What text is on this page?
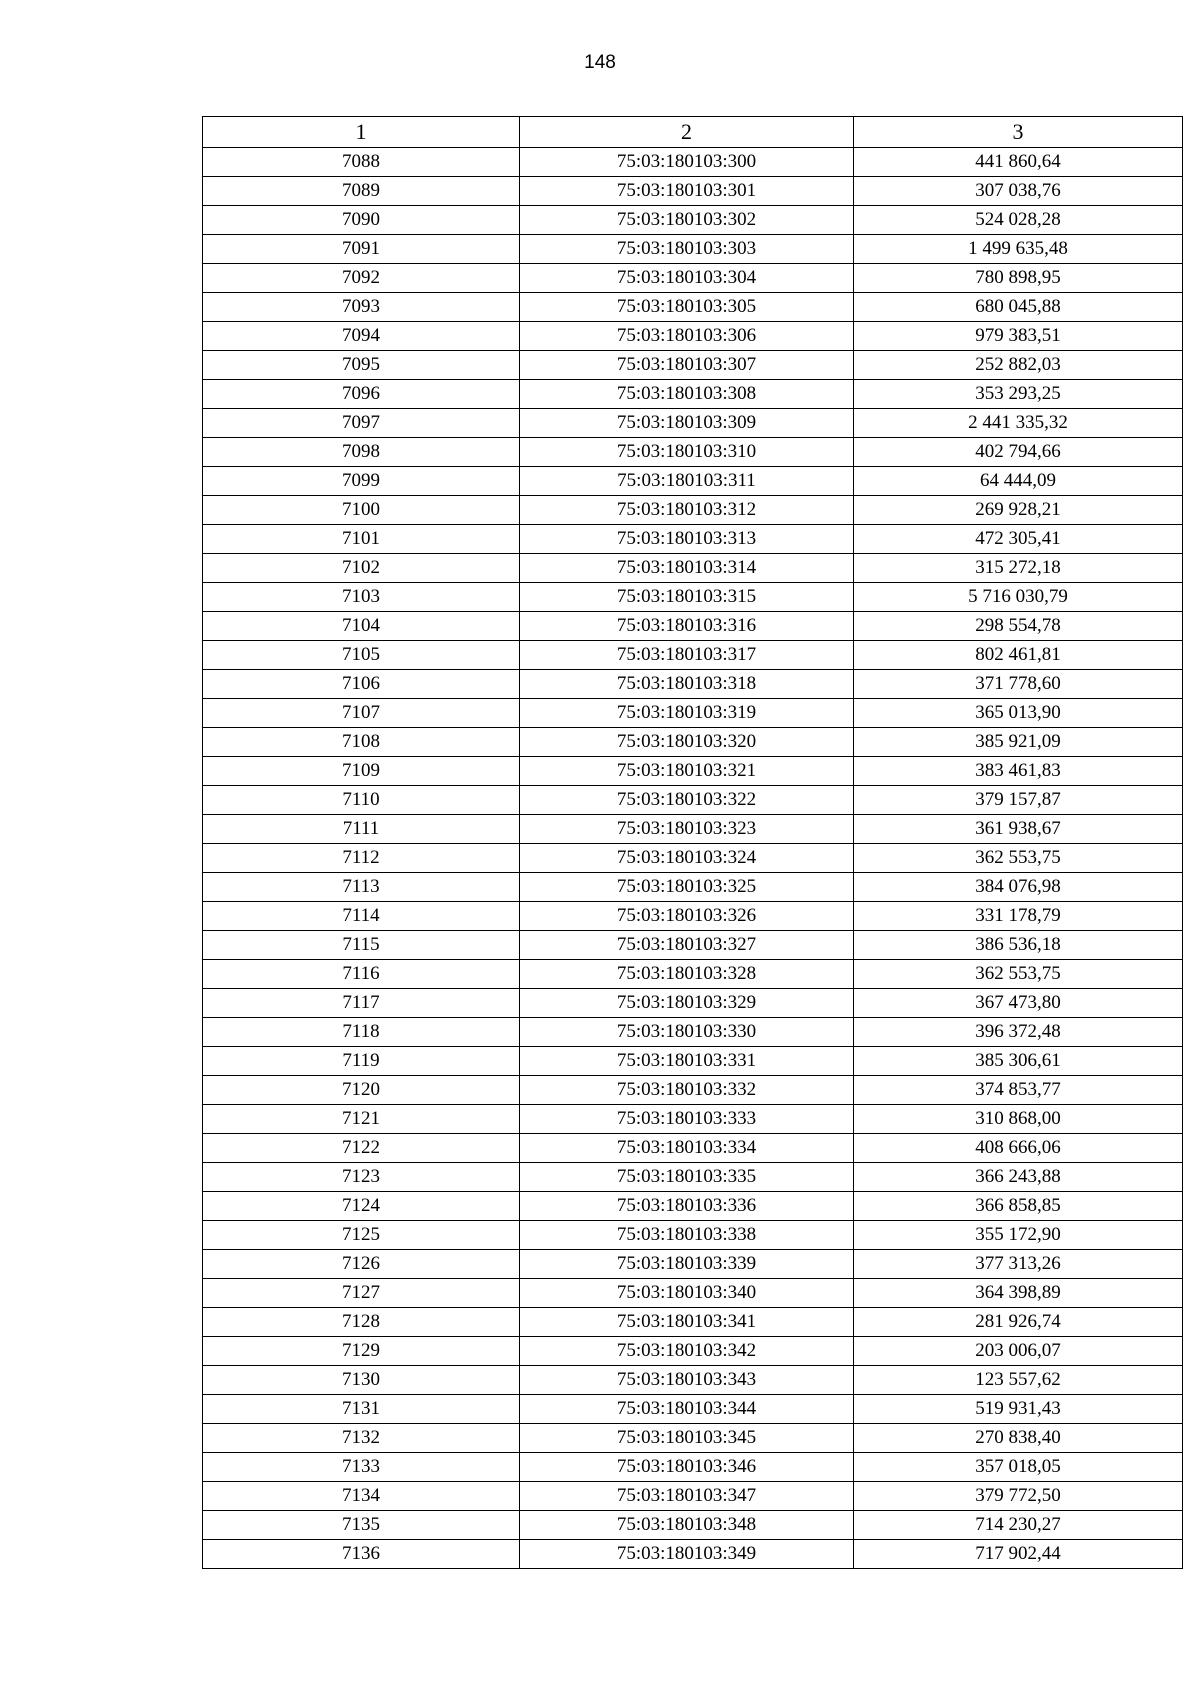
148
1	2	3
7088	75:03:180103:300	441 860,64
7089	75:03:180103:301	307 038,76
7090	75:03:180103:302	524 028,28
7091	75:03:180103:303	1 499 635,48
7092	75:03:180103:304	780 898,95
7093	75:03:180103:305	680 045,88
7094	75:03:180103:306	979 383,51
7095	75:03:180103:307	252 882,03
7096	75:03:180103:308	353 293,25
7097	75:03:180103:309	2 441 335,32
7098	75:03:180103:310	402 794,66
7099	75:03:180103:311	64 444,09
7100	75:03:180103:312	269 928,21
7101	75:03:180103:313	472 305,41
7102	75:03:180103:314	315 272,18
7103	75:03:180103:315	5 716 030,79
7104	75:03:180103:316	298 554,78
7105	75:03:180103:317	802 461,81
7106	75:03:180103:318	371 778,60
7107	75:03:180103:319	365 013,90
7108	75:03:180103:320	385 921,09
7109	75:03:180103:321	383 461,83
7110	75:03:180103:322	379 157,87
7111	75:03:180103:323	361 938,67
7112	75:03:180103:324	362 553,75
7113	75:03:180103:325	384 076,98
7114	75:03:180103:326	331 178,79
7115	75:03:180103:327	386 536,18
7116	75:03:180103:328	362 553,75
7117	75:03:180103:329	367 473,80
7118	75:03:180103:330	396 372,48
7119	75:03:180103:331	385 306,61
7120	75:03:180103:332	374 853,77
7121	75:03:180103:333	310 868,00
7122	75:03:180103:334	408 666,06
7123	75:03:180103:335	366 243,88
7124	75:03:180103:336	366 858,85
7125	75:03:180103:338	355 172,90
7126	75:03:180103:339	377 313,26
7127	75:03:180103:340	364 398,89
7128	75:03:180103:341	281 926,74
7129	75:03:180103:342	203 006,07
7130	75:03:180103:343	123 557,62
7131	75:03:180103:344	519 931,43
7132	75:03:180103:345	270 838,40
7133	75:03:180103:346	357 018,05
7134	75:03:180103:347	379 772,50
7135	75:03:180103:348	714 230,27
7136	75:03:180103:349	717 902,44
